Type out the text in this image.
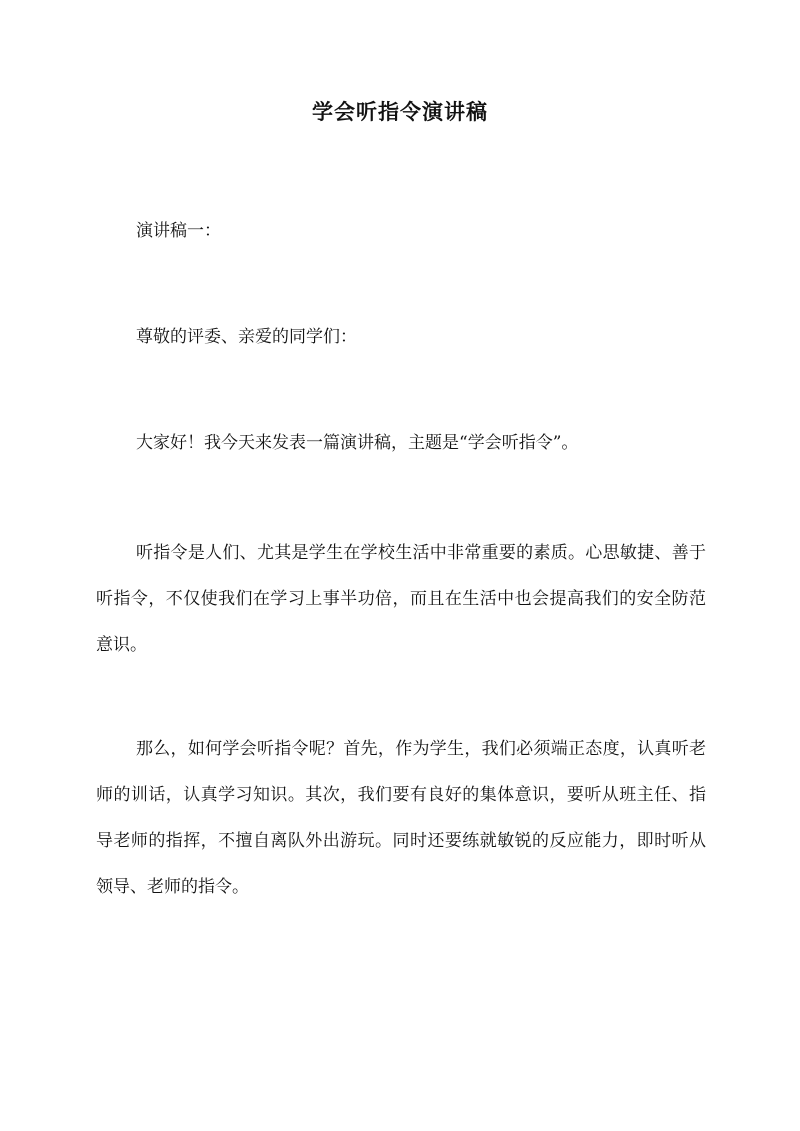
学会听指令演讲稿
演讲稿一：
尊敬的评委、亲爱的同学们：
大家好！我今天来发表一篇演讲稿，主题是“学会听指令”。
听指令是人们、尤其是学生在学校生活中非常重要的素质。心思敏捷、善于听指令，不仅使我们在学习上事半功倍，而且在生活中也会提高我们的安全防范意识。
那么，如何学会听指令呢？首先，作为学生，我们必须端正态度，认真听老师的训话，认真学习知识。其次，我们要有良好的集体意识，要听从班主任、指导老师的指挥，不擅自离队外出游玩。同时还要练就敏锐的反应能力，即时听从领导、老师的指令。
